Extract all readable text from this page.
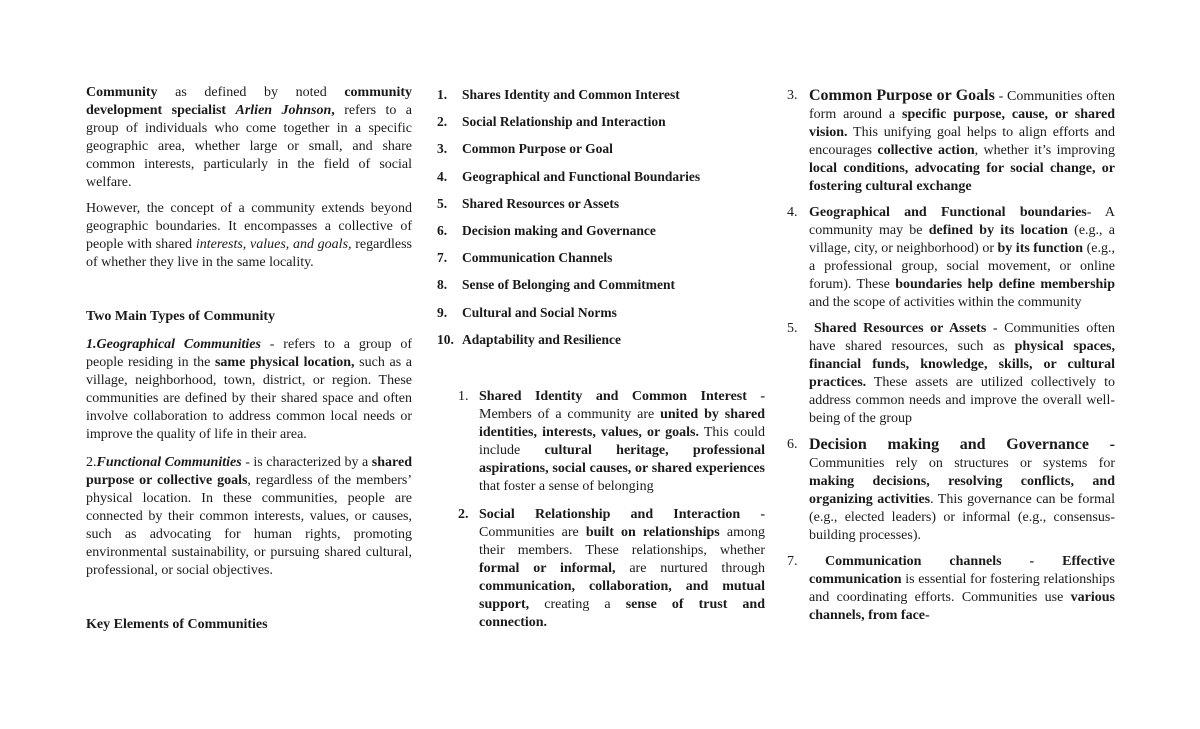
Community as defined by noted community development specialist Arlien Johnson, refers to a group of individuals who come together in a specific geographic area, whether large or small, and share common interests, particularly in the field of social welfare.

However, the concept of a community extends beyond geographic boundaries. It encompasses a collective of people with shared interests, values, and goals, regardless of whether they live in the same locality.

Two Main Types of Community

1.Geographical Communities - refers to a group of people residing in the same physical location, such as a village, neighborhood, town, district, or region. These communities are defined by their shared space and often involve collaboration to address common local needs or improve the quality of life in their area.

2.Functional Communities - is characterized by a shared purpose or collective goals, regardless of the members’ physical location. In these communities, people are connected by their common interests, values, or causes, such as advocating for human rights, promoting environmental sustainability, or pursuing shared cultural, professional, or social objectives.

Key Elements of Communities

1.	Shares Identity and Common Interest
2.	Social Relationship and Interaction
3.	Common Purpose or Goal
4.	Geographical and Functional Boundaries
5.	Shared Resources or Assets
6.	Decision making and Governance
7.	Communication Channels
8.	Sense of Belonging and Commitment
9.	Cultural and Social Norms
10. Adaptability and Resilience
1. Shared Identity and Common Interest - Members of a community are united by shared identities, interests, values, or goals. This could include cultural heritage, professional aspirations, social causes, or shared experiences that foster a sense of belonging

2. Social Relationship and Interaction - Communities are built on relationships among their members. These relationships, whether formal or informal, are nurtured through communication, collaboration, and mutual support, creating a sense of trust and connection.

3. Common Purpose or Goals - Communities often form around a specific purpose, cause, or shared vision. This unifying goal helps to align efforts and encourages collective action, whether it’s improving local conditions, advocating for social change, or fostering cultural exchange

4. Geographical and Functional boundaries- A community may be defined by its location (e.g., a village, city, or neighborhood) or by its function (e.g., a professional group, social movement, or online forum). These boundaries help define membership and the scope of activities within the community

5.	Shared Resources or Assets - Communities often have shared resources, such as physical spaces, financial funds, knowledge, skills, or cultural practices. These assets are utilized collectively to address common needs and improve the overall well-being of the group

6. Decision making and Governance - Communities rely on structures or systems for making decisions, resolving conflicts, and organizing activities. This governance can be formal (e.g., elected leaders) or informal (e.g., consensus-building processes).

7.	Communication channels - Effective communication is essential for fostering relationships and coordinating efforts. Communities use various channels, from face-
